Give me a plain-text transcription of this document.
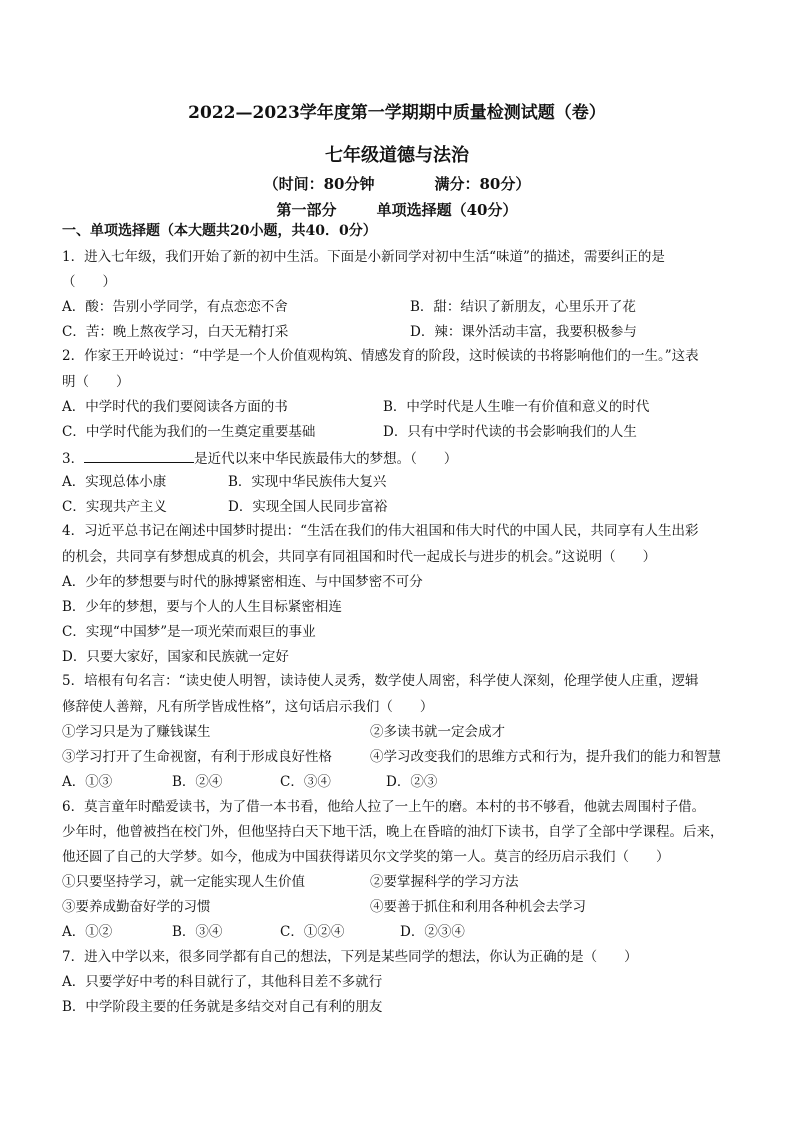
2022—2023学年度第一学期期中质量检测试题（卷）
七年级道德与法治
（时间：80分钟	满分：80分）
第一部分	单项选择题（40分）
一、单项选择题（本大题共20小题，共40．0分）
1．进入七年级，我们开始了新的初中生活。下面是小新同学对初中生活“味道”的描述，需要纠正的是
（　　）
A．酸：告别小学同学，有点恋恋不舍	B．甜：结识了新朋友，心里乐开了花
C．苦：晚上熬夜学习，白天无精打采	D．辣：课外活动丰富，我要积极参与
2．作家王开岭说过：“中学是一个人价值观构筑、情感发育的阶段，这时候读的书将影响他们的一生。”这表
明（　　）
A．中学时代的我们要阅读各方面的书	B．中学时代是人生唯一有价值和意义的时代
C．中学时代能为我们的一生奠定重要基础	D．只有中学时代读的书会影响我们的人生
3．	是近代以来中华民族最伟大的梦想。（　　）
A．实现总体小康	B．实现中华民族伟大复兴
C．实现共产主义	D．实现全国人民同步富裕
4．习近平总书记在阐述中国梦时提出：“生活在我们的伟大祖国和伟大时代的中国人民，共同享有人生出彩
的机会，共同享有梦想成真的机会，共同享有同祖国和时代一起成长与进步的机会。”这说明（　　）
A．少年的梦想要与时代的脉搏紧密相连、与中国梦密不可分
B．少年的梦想，要与个人的人生目标紧密相连
C．实现“中国梦”是一项光荣而艰巨的事业
D．只要大家好，国家和民族就一定好
5．培根有句名言：“读史使人明智，读诗使人灵秀，数学使人周密，科学使人深刻，伦理学使人庄重，逻辑
修辞使人善辩，凡有所学皆成性格”，这句话启示我们（　　）
①学习只是为了赚钱谋生	②多读书就一定会成才
③学习打开了生命视窗，有利于形成良好性格	④学习改变我们的思维方式和行为，提升我们的能力和智慧
A．①③	B．②④	C．③④	D．②③
6．莫言童年时酷爱读书，为了借一本书看，他给人拉了一上午的磨。本村的书不够看，他就去周围村子借。
少年时，他曾被挡在校门外，但他坚持白天下地干活，晚上在昏暗的油灯下读书，自学了全部中学课程。后来，
他还圆了自己的大学梦。如今，他成为中国获得诺贝尔文学奖的第一人。莫言的经历启示我们（　　）
①只要坚持学习，就一定能实现人生价值	②要掌握科学的学习方法
③要养成勤奋好学的习惯	④要善于抓住和利用各种机会去学习
A．①②	B．③④	C．①②④	D．②③④
7．进入中学以来，很多同学都有自己的想法，下列是某些同学的想法，你认为正确的是（　　）
A．只要学好中考的科目就行了，其他科目差不多就行
B．中学阶段主要的任务就是多结交对自己有利的朋友
